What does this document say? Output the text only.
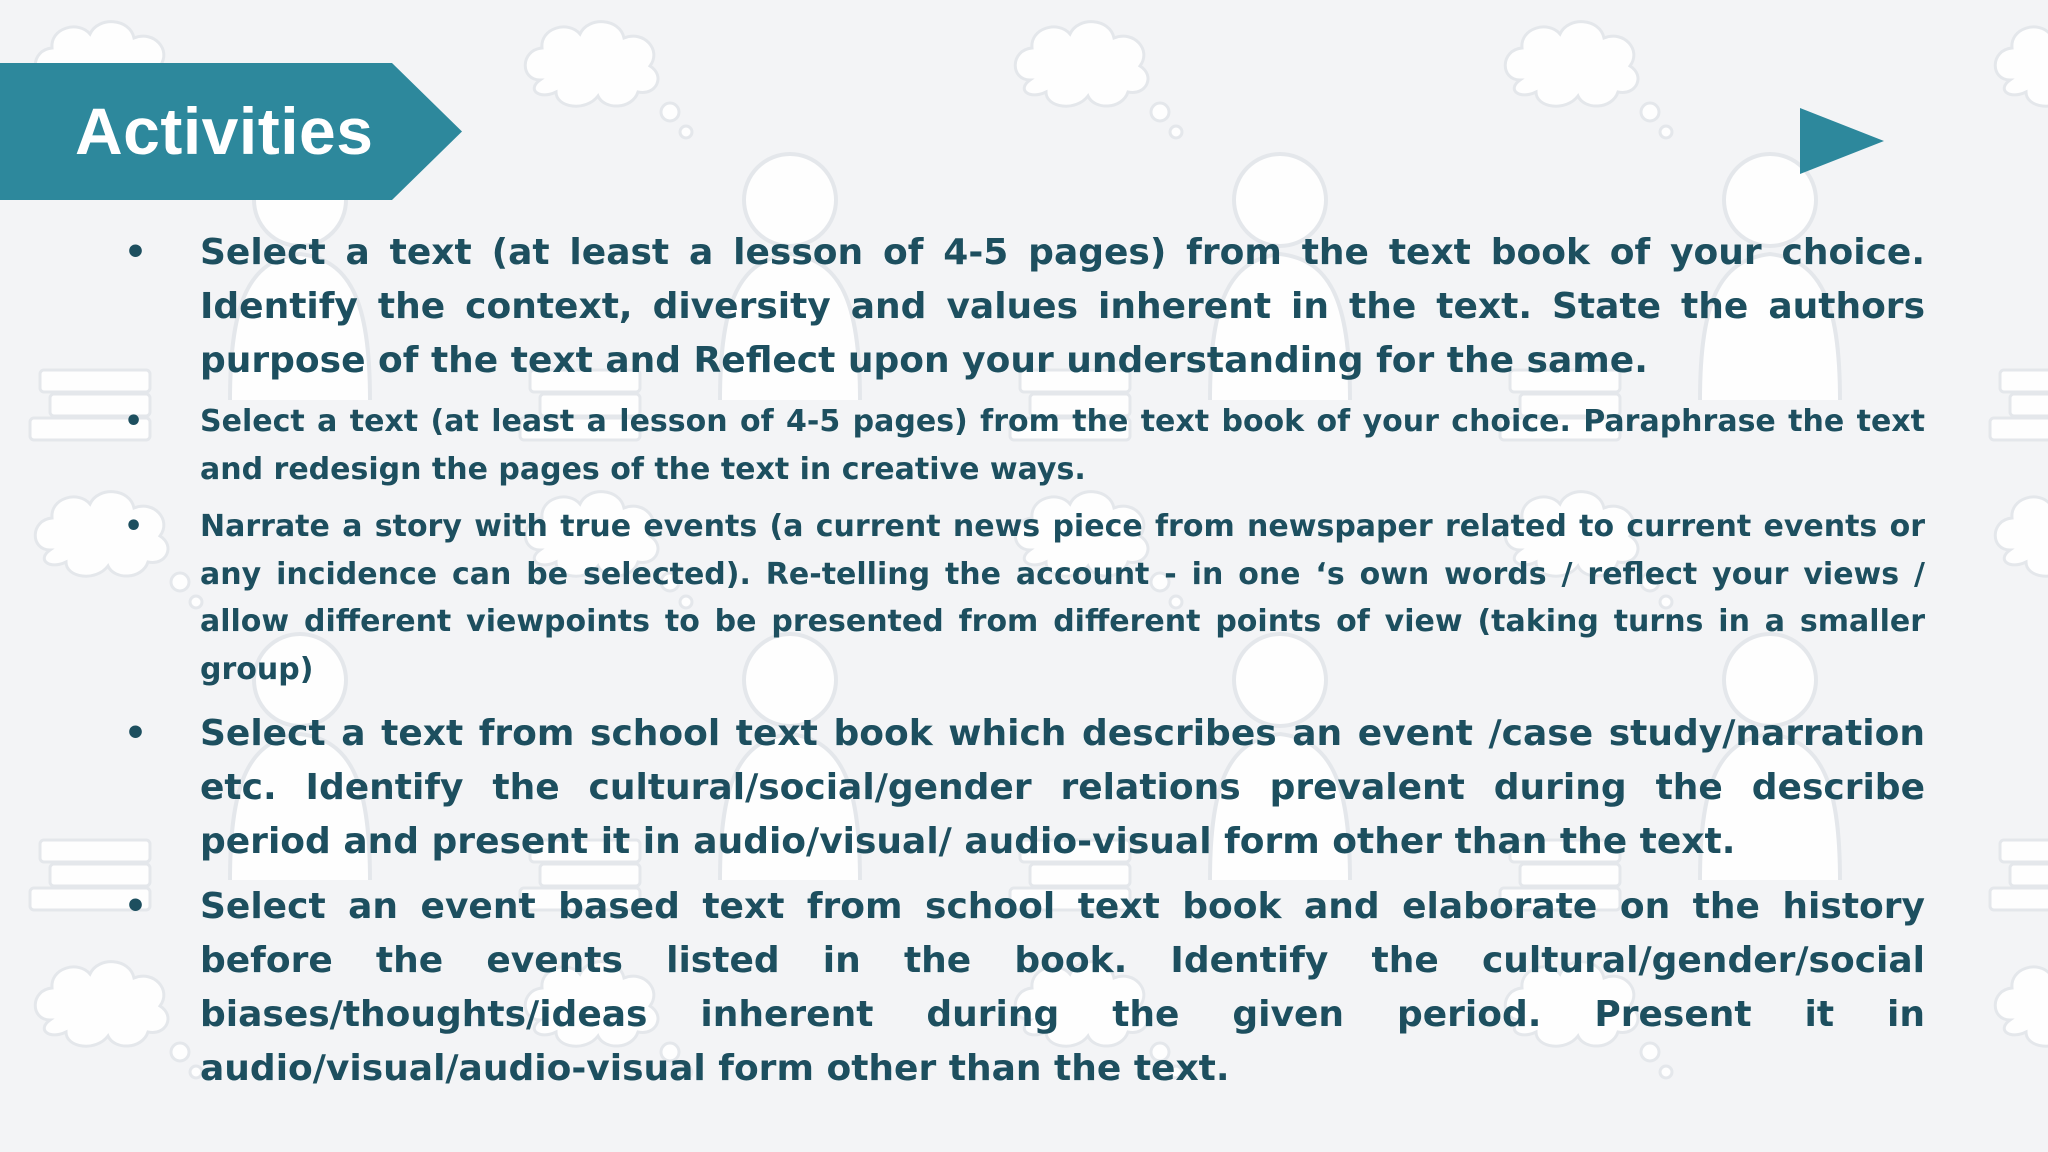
Activities
•	Select a text (at least a lesson of 4-5 pages) from the text book of your choice. Identify the context, diversity and values inherent in the text. State the authors purpose of the text and Reflect upon your understanding for the same.
•	Select a text (at least a lesson of 4-5 pages) from the text book of your choice. Paraphrase the text and redesign the pages of the text in creative ways.
•	Narrate a story with true events (a current news piece from newspaper related to current events or any incidence can be selected). Re-telling the account - in one ‘s own words / reflect your views / allow different viewpoints to be presented from different points of view (taking turns in a smaller group)
•	Select a text from school text book which describes an event /case study/narration etc. Identify the cultural/social/gender relations prevalent during the describe period and present it in audio/visual/ audio-visual form other than the text.
•	Select an event based text from school text book and elaborate on the history before the events listed in the book. Identify the cultural/gender/social biases/thoughts/ideas inherent during the given period. Present it in audio/visual/audio-visual form other than the text.
